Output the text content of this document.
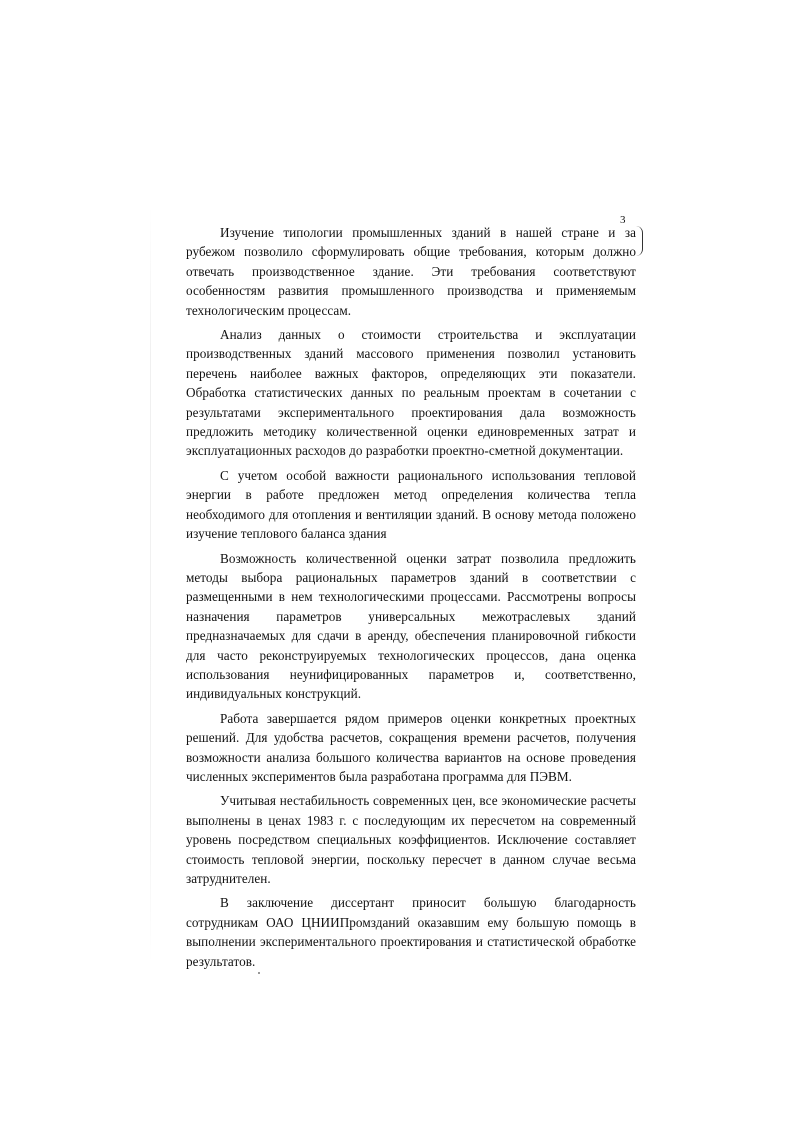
3

Изучение типологии промышленных зданий в нашей стране и за рубежом позволило сформулировать общие требования, которым должно отвечать производственное здание. Эти требования соответствуют особенностям развития промышленного производства и применяемым технологическим процессам.

Анализ данных о стоимости строительства и эксплуатации производственных зданий массового применения позволил установить перечень наиболее важных факторов, определяющих эти показатели. Обработка статистических данных по реальным проектам в сочетании с результатами экспериментального проектирования дала возможность предложить методику количественной оценки единовременных затрат и эксплуатационных расходов до разработки проектно-сметной документации.

С учетом особой важности рационального использования тепловой энергии в работе предложен метод определения количества тепла необходимого для отопления и вентиляции зданий. В основу метода положено изучение теплового баланса здания

Возможность количественной оценки затрат позволила предложить методы выбора рациональных параметров зданий в соответствии с размещенными в нем технологическими процессами. Рассмотрены вопросы назначения параметров универсальных межотраслевых зданий предназначаемых для сдачи в аренду, обеспечения планировочной гибкости для часто реконструируемых технологических процессов, дана оценка использования неунифицированных параметров и, соответственно, индивидуальных конструкций.

Работа завершается рядом примеров оценки конкретных проектных решений. Для удобства расчетов, сокращения времени расчетов, получения возможности анализа большого количества вариантов на основе проведения численных экспериментов была разработана программа для ПЭВМ.

Учитывая нестабильность современных цен, все экономические расчеты выполнены в ценах 1983 г. с последующим их пересчетом на современный уровень посредством специальных коэффициентов. Исключение составляет стоимость тепловой энергии, поскольку пересчет в данном случае весьма затруднителен.

В заключение диссертант приносит большую благодарность сотрудникам ОАО ЦНИИПромзданий оказавшим ему большую помощь в выполнении экспериментального проектирования и статистической обработке результатов.
